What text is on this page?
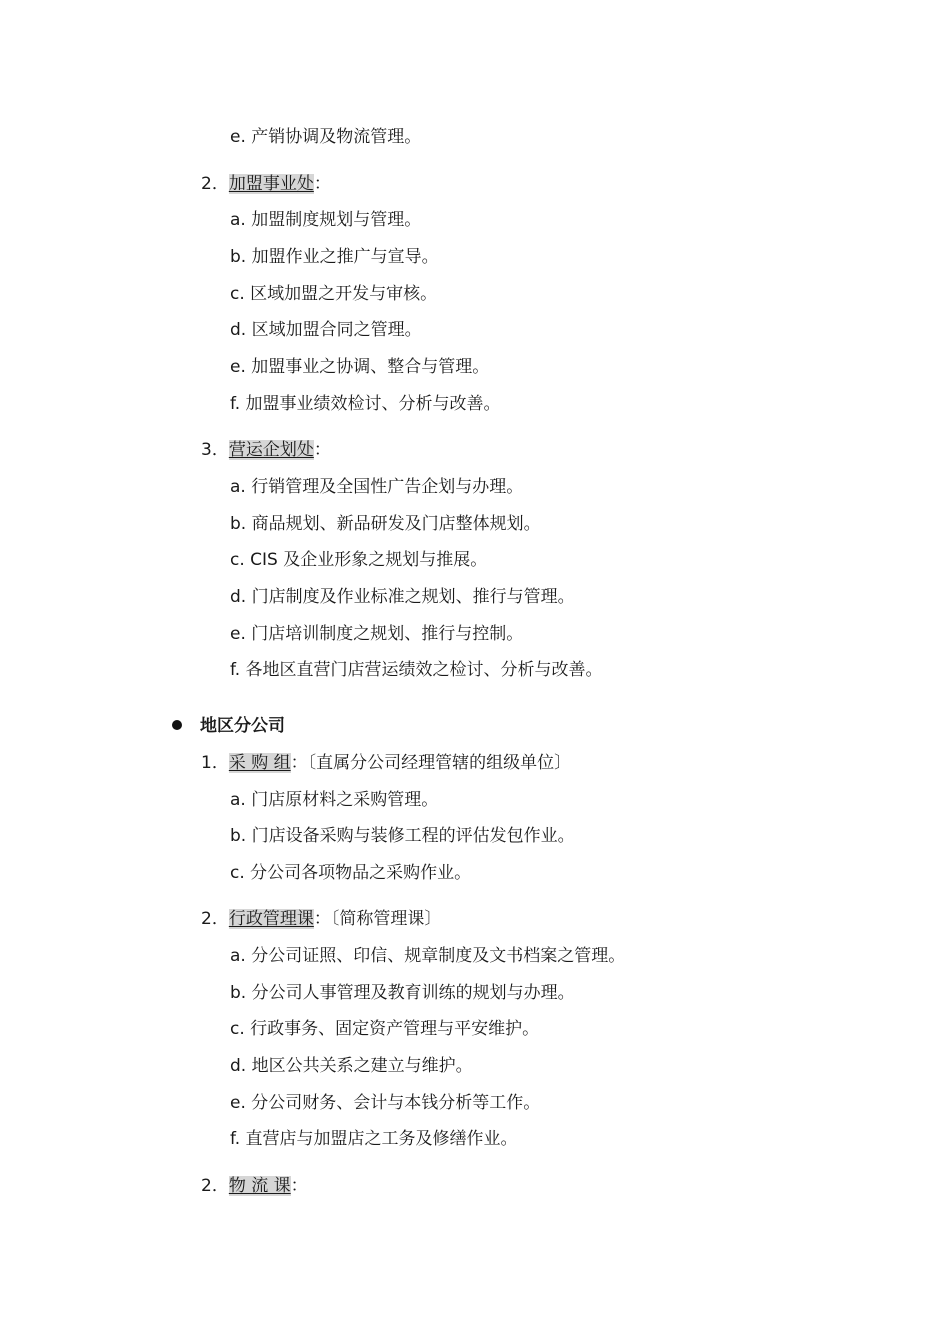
e. 产销协调及物流管理。
2．加盟事业处：
a. 加盟制度规划与管理。
b. 加盟作业之推广与宣导。
c. 区域加盟之开发与审核。
d. 区域加盟合同之管理。
e. 加盟事业之协调、整合与管理。
f. 加盟事业绩效检讨、分析与改善。
3．营运企划处：
a. 行销管理及全国性广告企划与办理。
b. 商品规划、新品研发及门店整体规划。
c. CIS 及企业形象之规划与推展。
d. 门店制度及作业标准之规划、推行与管理。
e. 门店培训制度之规划、推行与控制。
f. 各地区直营门店营运绩效之检讨、分析与改善。
地区分公司
1．采 购 组：〔直属分公司经理管辖的组级单位〕
a. 门店原材料之采购管理。
b. 门店设备采购与装修工程的评估发包作业。
c. 分公司各项物品之采购作业。
2．行政管理课：〔简称管理课〕
a. 分公司证照、印信、规章制度及文书档案之管理。
b. 分公司人事管理及教育训练的规划与办理。
c. 行政事务、固定资产管理与平安维护。
d. 地区公共关系之建立与维护。
e. 分公司财务、会计与本钱分析等工作。
f. 直营店与加盟店之工务及修缮作业。
2．物 流 课：
